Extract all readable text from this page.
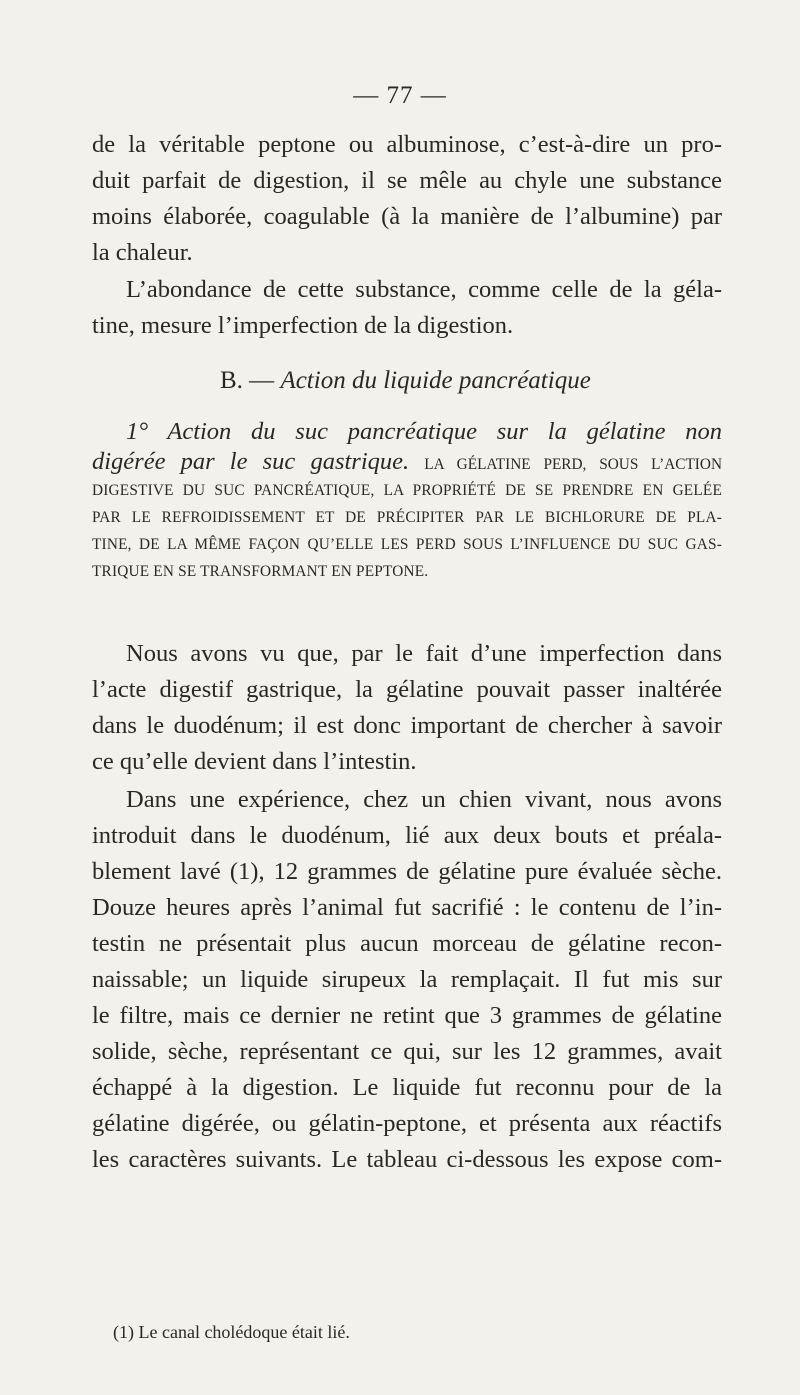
— 77 —
de la véritable peptone ou albuminose, c’est-à-dire un pro-
duit parfait de digestion, il se mêle au chyle une substance
moins élaborée, coagulable (à la manière de l’albumine) par
la chaleur.
L’abondance de cette substance, comme celle de la géla-
tine, mesure l’imperfection de la digestion.
B. — Action du liquide pancréatique
1° Action du suc pancréatique sur la gélatine non
digérée par le suc gastrique. LA GÉLATINE PERD, SOUS L’ACTION
DIGESTIVE DU SUC PANCRÉATIQUE, LA PROPRIÉTÉ DE SE PRENDRE EN GELÉE
PAR LE REFROIDISSEMENT ET DE PRÉCIPITER PAR LE BICHLORURE DE PLA-
TINE, DE LA MÊME FAÇON QU’ELLE LES PERD SOUS L’INFLUENCE DU SUC GAS-
TRIQUE EN SE TRANSFORMANT EN PEPTONE.
Nous avons vu que, par le fait d’une imperfection dans
l’acte digestif gastrique, la gélatine pouvait passer inaltérée
dans le duodénum; il est donc important de chercher à savoir
ce qu’elle devient dans l’intestin.
Dans une expérience, chez un chien vivant, nous avons
introduit dans le duodénum, lié aux deux bouts et préala-
blement lavé (1), 12 grammes de gélatine pure évaluée sèche.
Douze heures après l’animal fut sacrifié : le contenu de l’in-
testin ne présentait plus aucun morceau de gélatine recon-
naissable; un liquide sirupeux la remplaçait. Il fut mis sur
le filtre, mais ce dernier ne retint que 3 grammes de gélatine
solide, sèche, représentant ce qui, sur les 12 grammes, avait
échappé à la digestion. Le liquide fut reconnu pour de la
gélatine digérée, ou gélatin-peptone, et présenta aux réactifs
les caractères suivants. Le tableau ci-dessous les expose com-
(1) Le canal cholédoque était lié.
